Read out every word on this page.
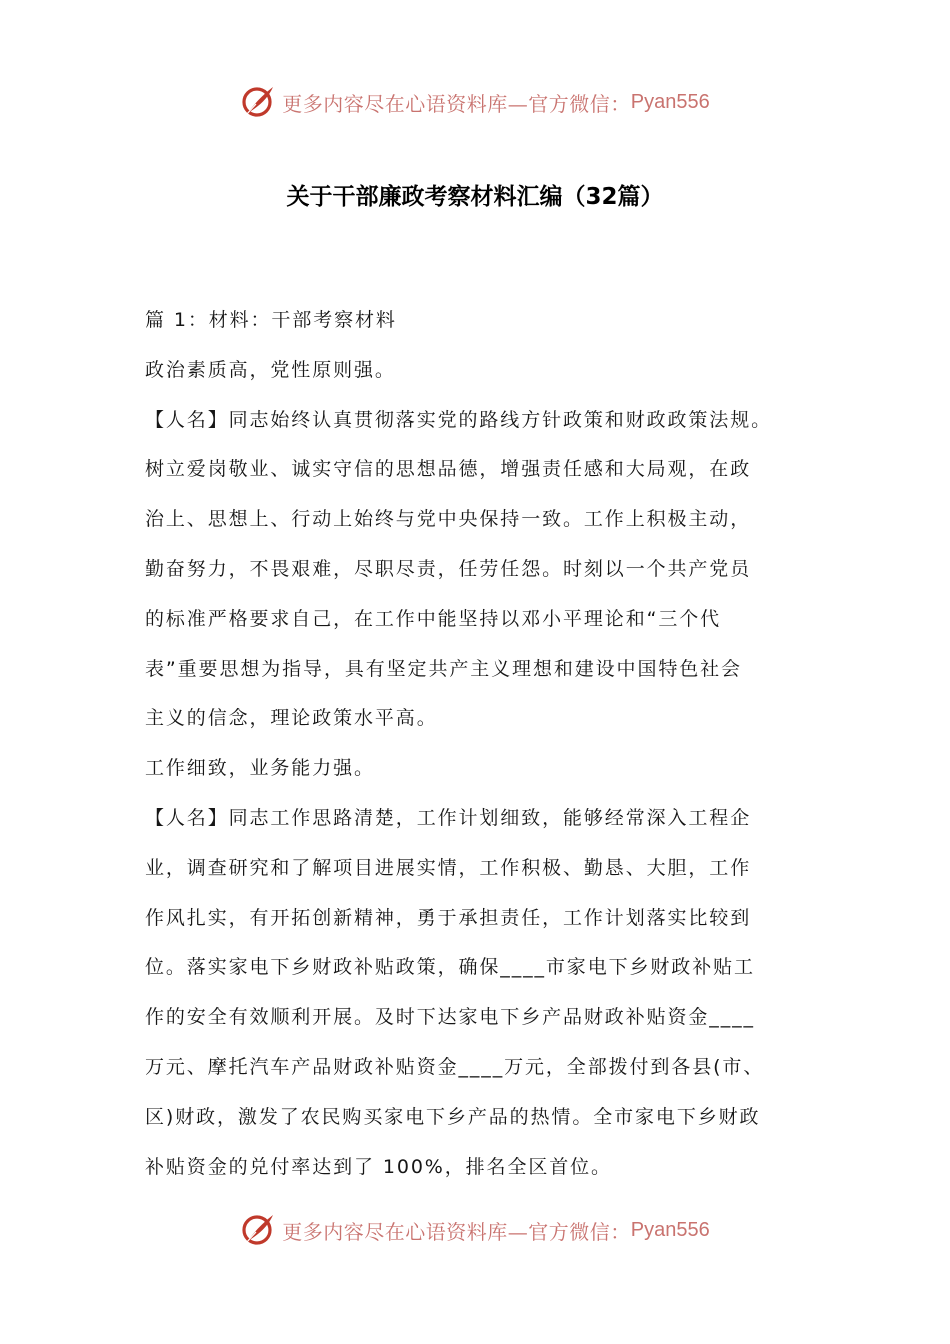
更多内容尽在心语资料库—官方微信： Pyan556
关于干部廉政考察材料汇编（32篇）

篇 1：材料：干部考察材料

政治素质高，党性原则强。

【人名】同志始终认真贯彻落实党的路线方针政策和财政政策法规。

树立爱岗敬业、诚实守信的思想品德，增强责任感和大局观，在政

治上、思想上、行动上始终与党中央保持一致。工作上积极主动，

勤奋努力，不畏艰难，尽职尽责，任劳任怨。时刻以一个共产党员

的标准严格要求自己，在工作中能坚持以邓小平理论和“三个代

表”重要思想为指导，具有坚定共产主义理想和建设中国特色社会

主义的信念，理论政策水平高。

工作细致，业务能力强。

【人名】同志工作思路清楚，工作计划细致，能够经常深入工程企

业，调查研究和了解项目进展实情，工作积极、勤恳、大胆，工作

作风扎实，有开拓创新精神，勇于承担责任，工作计划落实比较到

位。落实家电下乡财政补贴政策，确保____市家电下乡财政补贴工

作的安全有效顺利开展。及时下达家电下乡产品财政补贴资金____

万元、摩托汽车产品财政补贴资金____万元，全部拨付到各县(市、

区)财政，激发了农民购买家电下乡产品的热情。全市家电下乡财政

补贴资金的兑付率达到了 100%，排名全区首位。

更多内容尽在心语资料库—官方微信： Pyan556
